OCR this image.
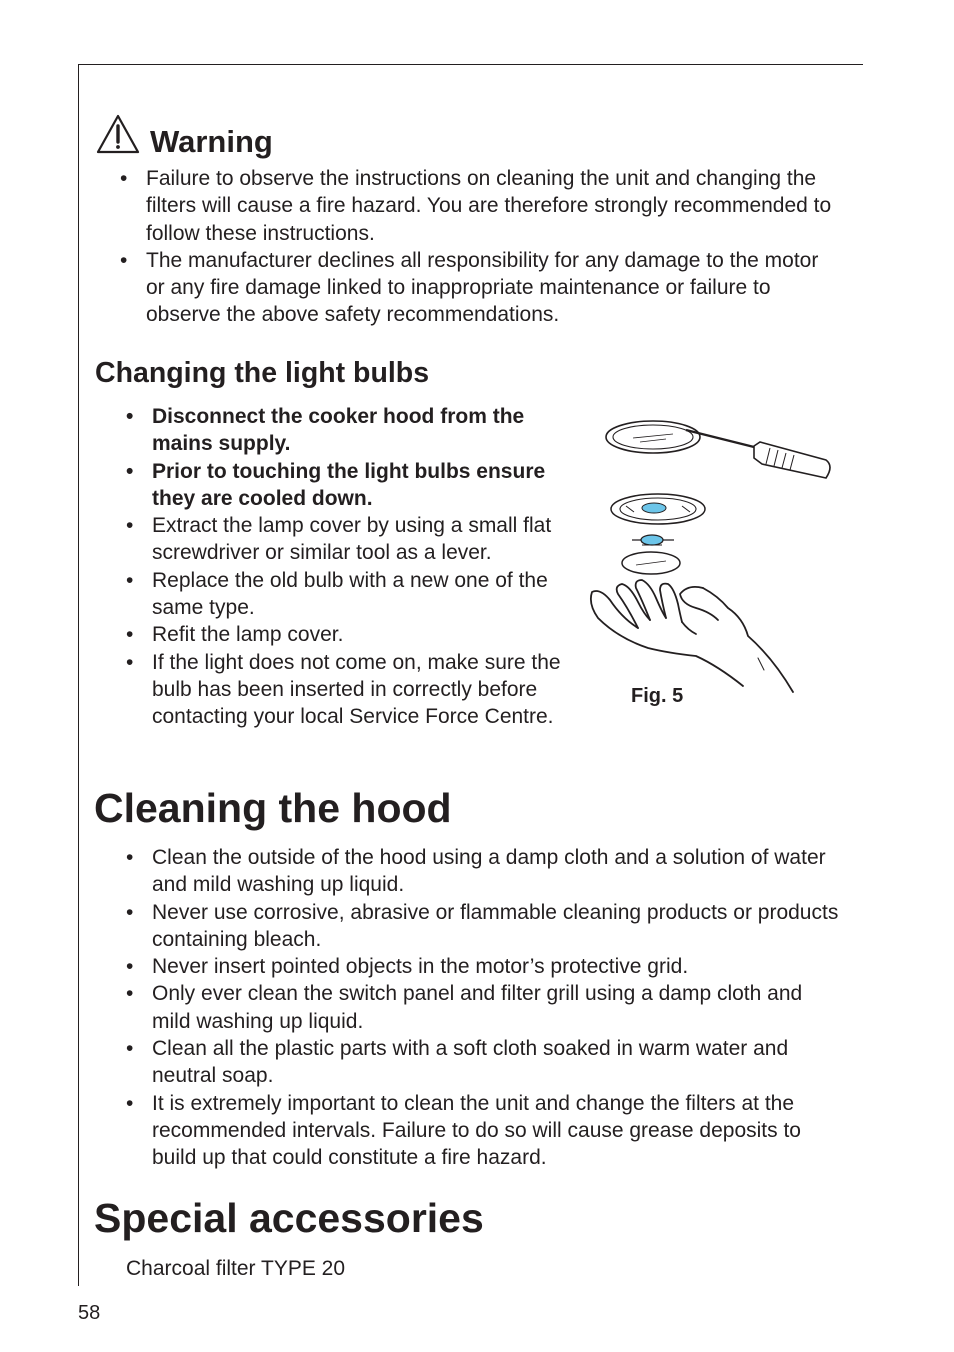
Warning
• Failure to observe the instructions on cleaning the unit and changing the filters will cause a fire hazard. You are therefore strongly recommended to follow these instructions.
• The manufacturer declines all responsibility for any damage to the motor or any fire damage linked to inappropriate maintenance or failure to observe the above safety recommendations.
Changing the light bulbs
• Disconnect the cooker hood from the mains supply.
• Prior to touching the light bulbs ensure they are cooled down.
• Extract the lamp cover by using a small flat screwdriver or similar tool as a lever.
• Replace the old bulb with a new one of the same type.
• Refit the lamp cover.
• If the light does not come on, make sure the bulb has been inserted in correctly before contacting your local Service Force Centre.
Fig. 5
Cleaning the hood
• Clean the outside of the hood using a damp cloth and a solution of water and mild washing up liquid.
• Never use corrosive, abrasive or flammable cleaning products or products containing bleach.
• Never insert pointed objects in the motor’s protective grid.
• Only ever clean the switch panel and filter grill using a damp cloth and mild washing up liquid.
• Clean all the plastic parts with a soft cloth soaked in warm water and neutral soap.
• It is extremely important to clean the unit and change the filters at the recommended intervals. Failure to do so will cause grease deposits to build up that could constitute a fire hazard.
Special accessories
Charcoal filter TYPE 20
58
